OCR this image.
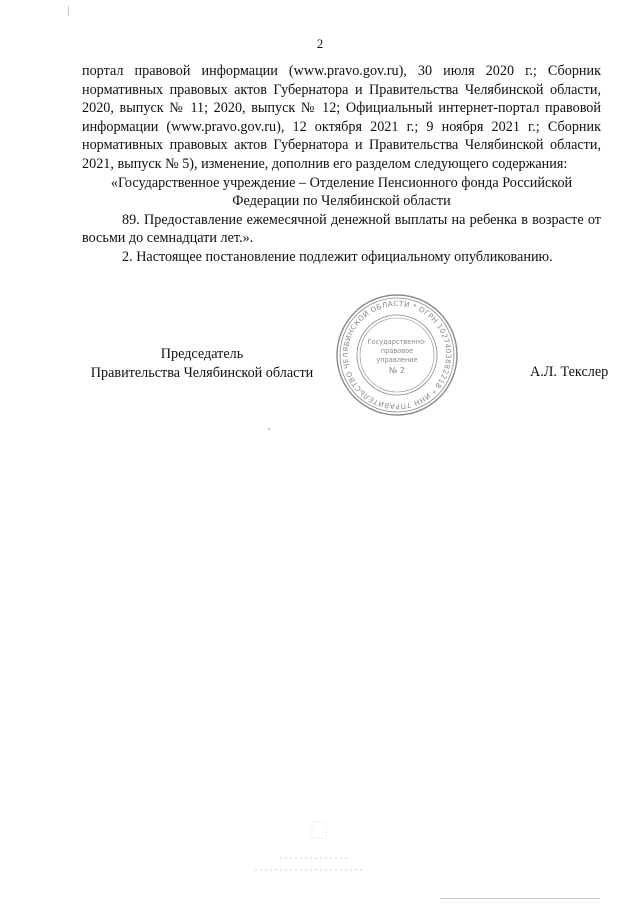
2

портал правовой информации (www.pravo.gov.ru), 30 июля 2020 г.; Сборник нормативных правовых актов Губернатора и Правительства Челябинской области, 2020, выпуск № 11; 2020, выпуск № 12; Официальный интернет-портал правовой информации (www.pravo.gov.ru), 12 октября 2021 г.; 9 ноября 2021 г.; Сборник нормативных правовых актов Губернатора и Правительства Челябинской области, 2021, выпуск № 5), изменение, дополнив его разделом следующего содержания:

«Государственное учреждение – Отделение Пенсионного фонда Российской Федерации по Челябинской области

89. Предоставление ежемесячной денежной выплаты на ребенка в возрасте от восьми до семнадцати лет.».

2. Настоящее постановление подлежит официальному опубликованию.

Председатель
Правительства Челябинской области	А.Л. Текслер
ПРАВИТЕЛЬСТВО ЧЕЛЯБИНСКОЙ ОБЛАСТИ * ОГРН 1027403882218 * ИНН 7453042717
Государственно-
правовое
управление
№ 2
